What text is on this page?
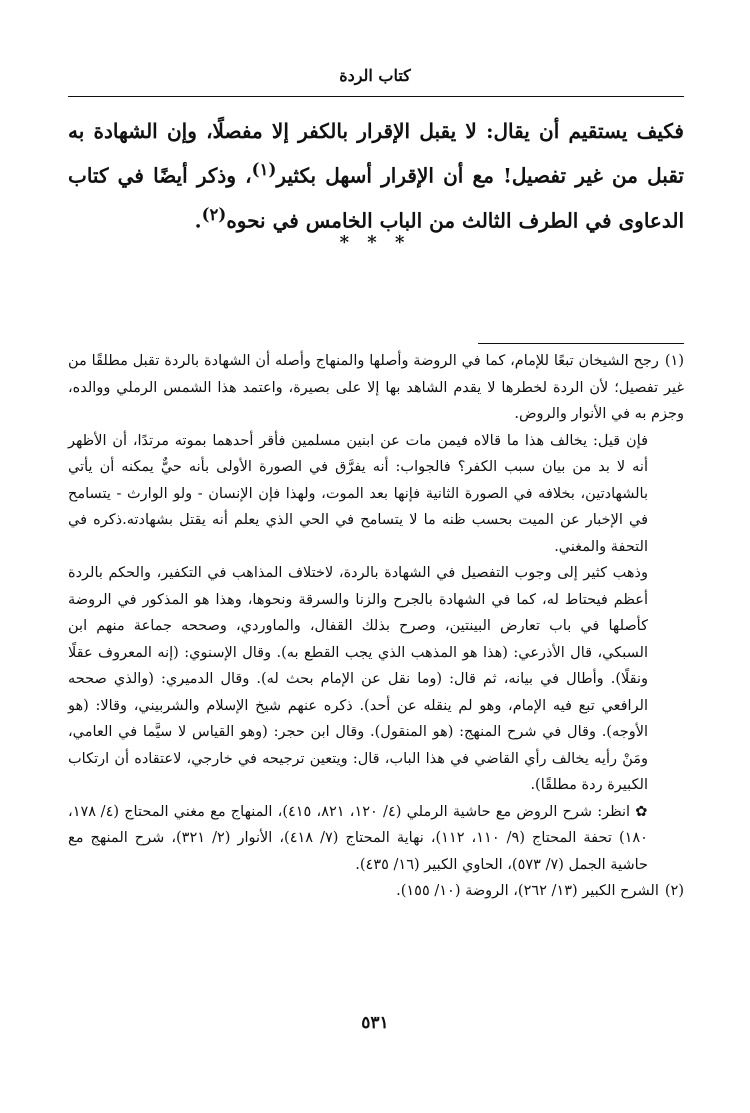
كتاب الردة

فكيف يستقيم أن يقال: لا يقبل الإقرار بالكفر إلا مفصلًا، وإن الشهادة به تقبل من غير تفصيل! مع أن الإقرار أسهل بكثير$^{(١)}$، وذكر أيضًا في كتاب الدعاوى في الطرف الثالث من الباب الخامس في نحوه$^{(٢)}$.

* * *

(١)رجح الشيخان تبعًا للإمام، كما في الروضة وأصلها والمنهاج وأصله أن الشهادة بالردة تقبل مطلقًا من غير تفصيل؛ لأن الردة لخطرها لا يقدم الشاهد بها إلا على بصيرة، واعتمد هذا الشمس الرملي ووالده، وجزم به في الأنوار والروض.

فإن قيل: يخالف هذا ما قالاه فيمن مات عن ابنين مسلمين فأقر أحدهما بموته مرتدًا، أن الأظهر أنه لا بد من بيان سبب الكفر؟ فالجواب: أنه يفرَّق في الصورة الأولى بأنه حيٌّ يمكنه أن يأتي بالشهادتين، بخلافه في الصورة الثانية فإنها بعد الموت، ولهذا فإن الإنسان - ولو الوارث - يتسامح في الإخبار عن الميت بحسب ظنه ما لا يتسامح في الحي الذي يعلم أنه يقتل بشهادته.ذكره في التحفة والمغني.

وذهب كثير إلى وجوب التفصيل في الشهادة بالردة، لاختلاف المذاهب في التكفير، والحكم بالردة أعظم فيحتاط له، كما في الشهادة بالجرح والزنا والسرقة ونحوها، وهذا هو المذكور في الروضة كأصلها في باب تعارض البينتين، وصرح بذلك القفال، والماوردي، وصححه جماعة منهم ابن السبكي، قال الأذرعي: (هذا هو المذهب الذي يجب القطع به). وقال الإسنوي: (إنه المعروف عقلًا ونقلًا). وأطال في بيانه، ثم قال: (وما نقل عن الإمام بحث له). وقال الدميري: (والذي صححه الرافعي تبع فيه الإمام، وهو لم ينقله عن أحد). ذكره عنهم شيخ الإسلام والشربيني، وقالا: (هو الأوجه). وقال في شرح المنهج: (هو المنقول). وقال ابن حجر: (وهو القياس لا سيَّما في العامي، ومَنْ رأيه يخالف رأي القاضي في هذا الباب، قال: ويتعين ترجيحه في خارجي، لاعتقاده أن ارتكاب الكبيرة ردة مطلقًا).

✿ انظر: شرح الروض مع حاشية الرملي (٤/ ١٢٠، ٨٢١، ٤١٥)، المنهاج مع مغني المحتاج (٤/ ١٧٨، ١٨٠) تحفة المحتاج (٩/ ١١٠، ١١٢)، نهاية المحتاج (٧/ ٤١٨)، الأنوار (٢/ ٣٢١)، شرح المنهج مع حاشية الجمل (٧/ ٥٧٣)، الحاوي الكبير (١٦/ ٤٣٥).

(٢)الشرح الكبير (١٣/ ٢٦٢)، الروضة (١٠/ ١٥٥).

٥٣١
